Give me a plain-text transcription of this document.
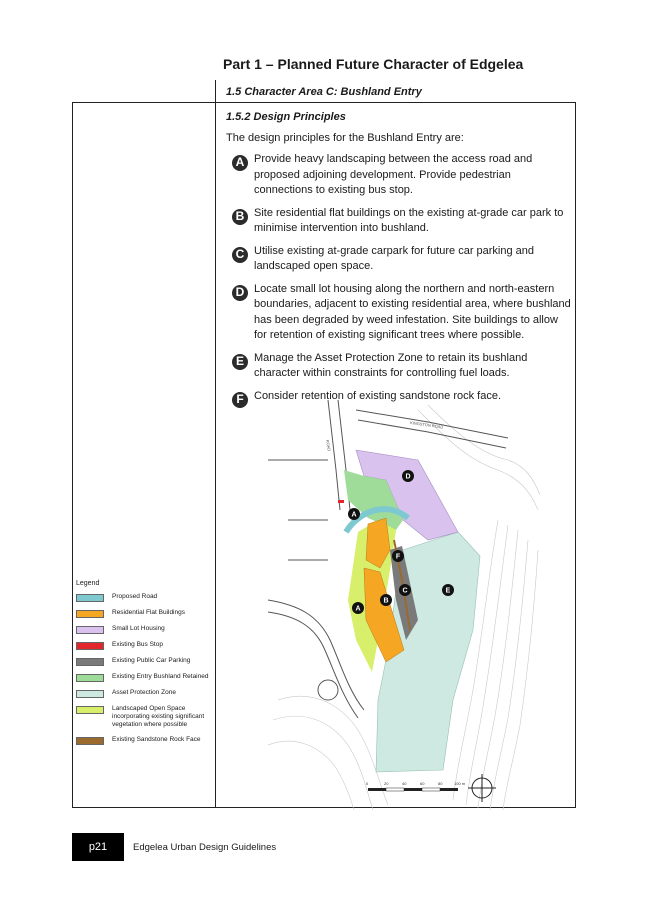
Part 1 – Planned Future Character of Edgelea
1.5 Character Area C: Bushland Entry
1.5.2 Design Principles
The design principles for the Bushland Entry are:
A Provide heavy landscaping between the access road and proposed adjoining development. Provide pedestrian connections to existing bus stop.
B Site residential flat buildings on the existing at-grade car park to minimise intervention into bushland.
C Utilise existing at-grade carpark for future car parking and landscaped open space.
D Locate small lot housing along the northern and north-eastern boundaries, adjacent to existing residential area, where bushland has been degraded by weed infestation. Site buildings to allow for retention of existing significant trees where possible.
E Manage the Asset Protection Zone to retain its bushland character within constraints for controlling fuel loads.
F Consider retention of existing sandstone rock face.
Legend
Proposed Road
Residential Flat Buildings
Small Lot Housing
Existing Bus Stop
Existing Public Car Parking
Existing Entry Bushland Retained
Asset Protection Zone
Landscaped Open Space incorporating existing significant vegetation where possible
Existing Sandstone Rock Face
0	20	40	60	80	100 m
KINGSTON ROAD
ROAD
A
A
B
C
D
E
F
p21	Edgelea Urban Design Guidelines
